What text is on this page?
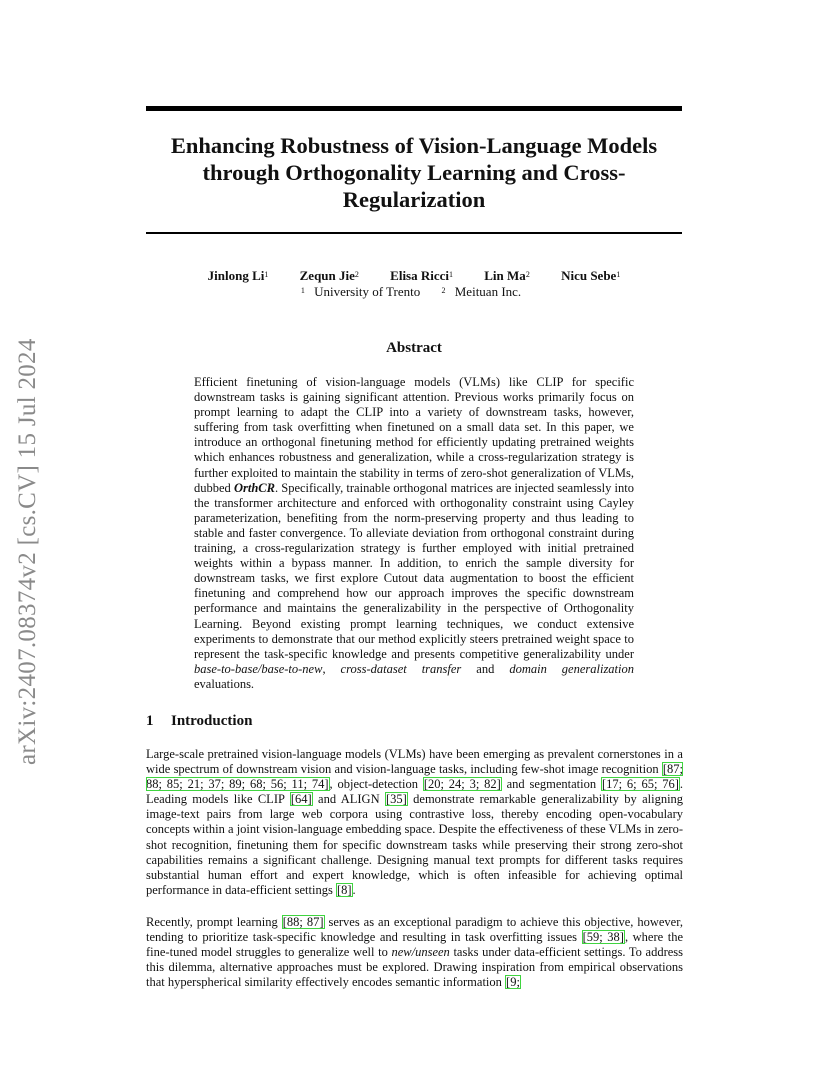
arXiv:2407.08374v2 [cs.CV] 15 Jul 2024
Enhancing Robustness of Vision-Language Models through Orthogonality Learning and Cross-Regularization
Jinlong Li$^1$ Zequn Jie$^2$ Elisa Ricci$^1$ Lin Ma$^2$ Nicu Sebe$^1$
$^1$ University of Trento	$^2$ Meituan Inc.
Abstract
Efficient finetuning of vision-language models (VLMs) like CLIP for specific downstream tasks is gaining significant attention. Previous works primarily focus on prompt learning to adapt the CLIP into a variety of downstream tasks, however, suffering from task overfitting when finetuned on a small data set. In this paper, we introduce an orthogonal finetuning method for efficiently updating pretrained weights which enhances robustness and generalization, while a cross-regularization strategy is further exploited to maintain the stability in terms of zero-shot generalization of VLMs, dubbed OrthCR. Specifically, trainable orthogonal matrices are injected seamlessly into the transformer architecture and enforced with orthogonality constraint using Cayley parameterization, benefiting from the norm-preserving property and thus leading to stable and faster convergence. To alleviate deviation from orthogonal constraint during training, a cross-regularization strategy is further employed with initial pretrained weights within a bypass manner. In addition, to enrich the sample diversity for downstream tasks, we first explore Cutout data augmentation to boost the efficient finetuning and comprehend how our approach improves the specific downstream performance and maintains the generalizability in the perspective of Orthogonality Learning. Beyond existing prompt learning techniques, we conduct extensive experiments to demonstrate that our method explicitly steers pretrained weight space to represent the task-specific knowledge and presents competitive generalizability under base-to-base/base-to-new, cross-dataset transfer and domain generalization evaluations.
1 Introduction
Large-scale pretrained vision-language models (VLMs) have been emerging as prevalent cornerstones in a wide spectrum of downstream vision and vision-language tasks, including few-shot image recognition [87; 88; 85; 21; 37; 89; 68; 56; 11; 74], object-detection [20; 24; 3; 82] and segmentation [17; 6; 65; 76]. Leading models like CLIP [64] and ALIGN [35] demonstrate remarkable generalizability by aligning image-text pairs from large web corpora using contrastive loss, thereby encoding open-vocabulary concepts within a joint vision-language embedding space. Despite the effectiveness of these VLMs in zero-shot recognition, finetuning them for specific downstream tasks while preserving their strong zero-shot capabilities remains a significant challenge. Designing manual text prompts for different tasks requires substantial human effort and expert knowledge, which is often infeasible for achieving optimal performance in data-efficient settings [8].
Recently, prompt learning [88; 87] serves as an exceptional paradigm to achieve this objective, however, tending to prioritize task-specific knowledge and resulting in task overfitting issues [59; 38], where the fine-tuned model struggles to generalize well to new/unseen tasks under data-efficient settings. To address this dilemma, alternative approaches must be explored. Drawing inspiration from empirical observations that hyperspherical similarity effectively encodes semantic information [9;
